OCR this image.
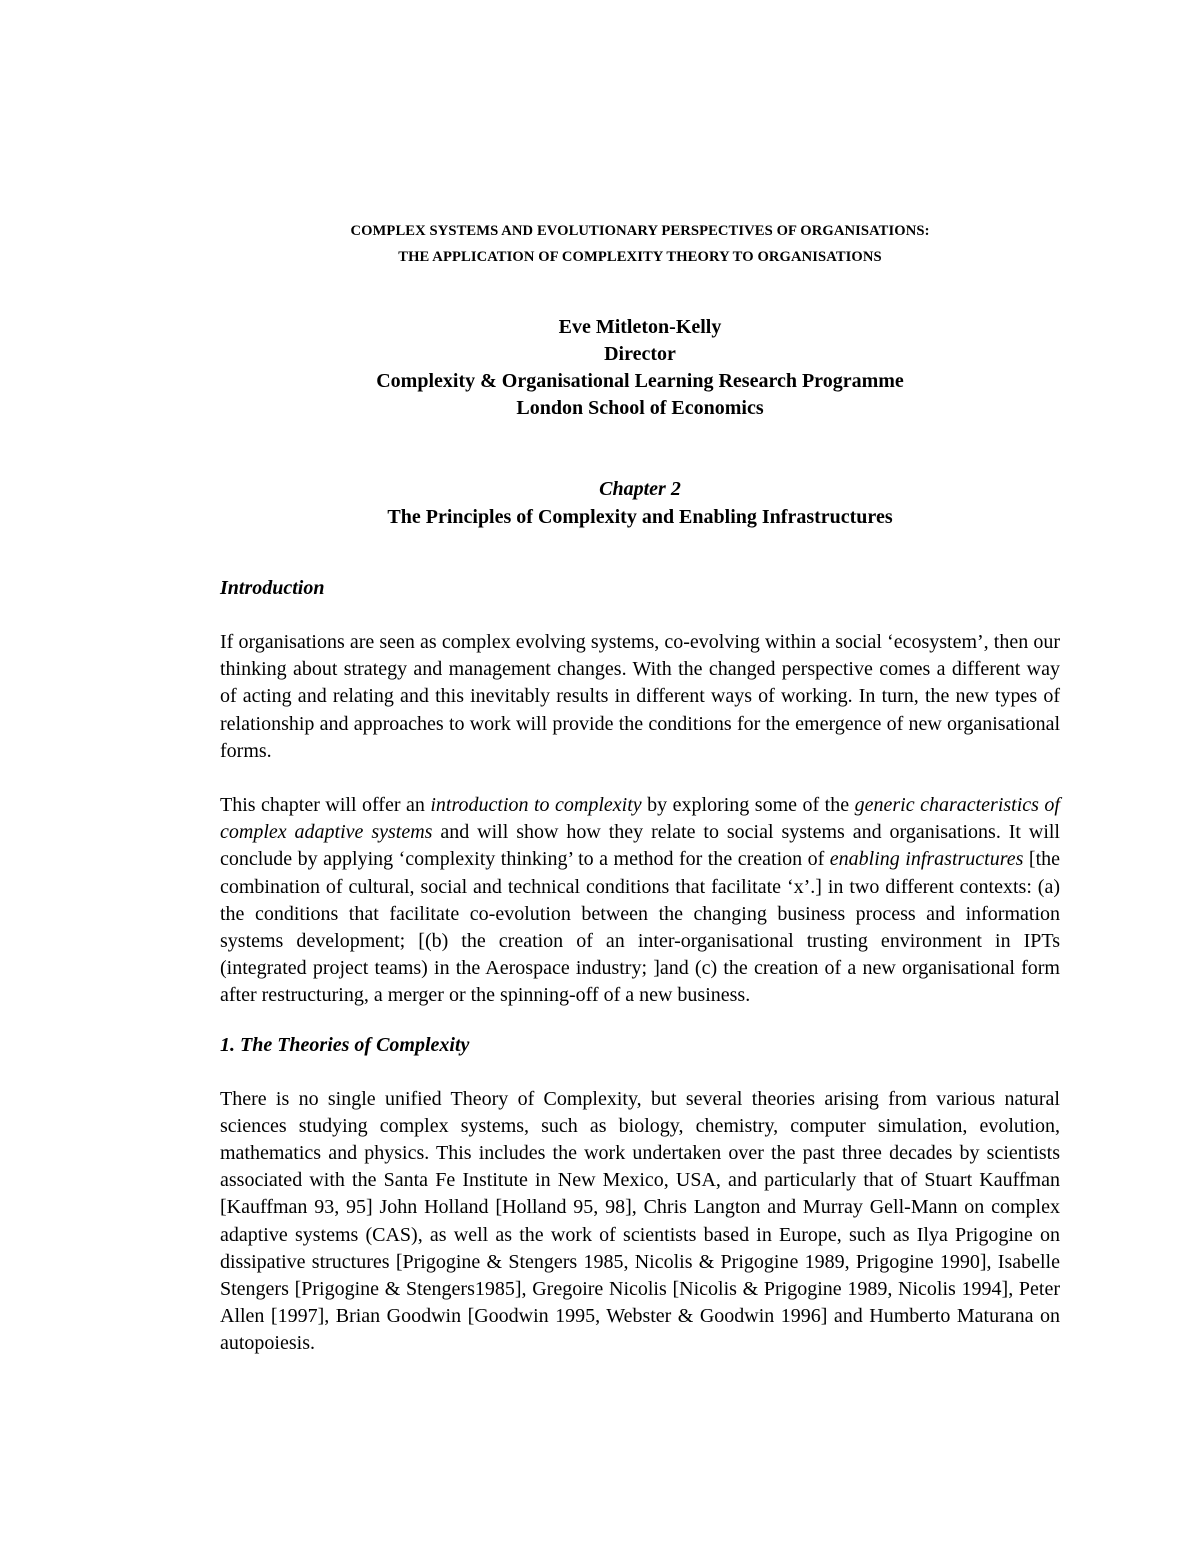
COMPLEX SYSTEMS AND EVOLUTIONARY PERSPECTIVES OF ORGANISATIONS:
THE APPLICATION OF COMPLEXITY THEORY TO ORGANISATIONS
Eve Mitleton-Kelly
Director
Complexity & Organisational Learning Research Programme
London School of Economics
Chapter 2
The Principles of Complexity and Enabling Infrastructures
Introduction

If organisations are seen as complex evolving systems, co-evolving within a social ‘ecosystem’, then our thinking about strategy and management changes. With the changed perspective comes a different way of acting and relating and this inevitably results in different ways of working. In turn, the new types of relationship and approaches to work will provide the conditions for the emergence of new organisational forms.

This chapter will offer an introduction to complexity by exploring some of the generic characteristics of complex adaptive systems and will show how they relate to social systems and organisations. It will conclude by applying ‘complexity thinking’ to a method for the creation of enabling infrastructures [the combination of cultural, social and technical conditions that facilitate ‘x’.] in two different contexts: (a) the conditions that facilitate co-evolution between the changing business process and information systems development; [(b) the creation of an inter-organisational trusting environment in IPTs (integrated project teams) in the Aerospace industry; ]and (c) the creation of a new organisational form after restructuring, a merger or the spinning-off of a new business.

1. The Theories of Complexity

There is no single unified Theory of Complexity, but several theories arising from various natural sciences studying complex systems, such as biology, chemistry, computer simulation, evolution, mathematics and physics. This includes the work undertaken over the past three decades by scientists associated with the Santa Fe Institute in New Mexico, USA, and particularly that of Stuart Kauffman [Kauffman 93, 95] John Holland [Holland 95, 98], Chris Langton and Murray Gell-Mann on complex adaptive systems (CAS), as well as the work of scientists based in Europe, such as Ilya Prigogine on dissipative structures [Prigogine & Stengers 1985, Nicolis & Prigogine 1989, Prigogine 1990], Isabelle Stengers [Prigogine & Stengers1985], Gregoire Nicolis [Nicolis & Prigogine 1989, Nicolis 1994], Peter Allen [1997], Brian Goodwin [Goodwin 1995, Webster & Goodwin 1996] and Humberto Maturana on autopoiesis.
